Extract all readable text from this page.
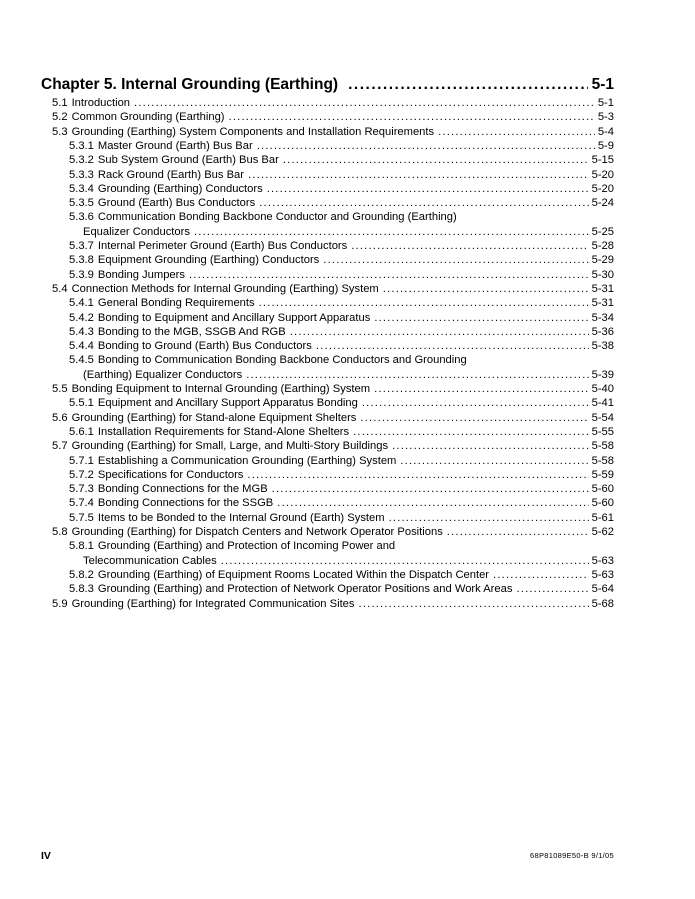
Chapter 5. Internal Grounding (Earthing) .....	5-1
5.1 Introduction .....	5-1
5.2 Common Grounding (Earthing) .....	5-3
5.3 Grounding (Earthing) System Components and Installation Requirements .....	5-4
5.3.1 Master Ground (Earth) Bus Bar .....	5-9
5.3.2 Sub System Ground (Earth) Bus Bar .....	5-15
5.3.3 Rack Ground (Earth) Bus Bar .....	5-20
5.3.4 Grounding (Earthing) Conductors .....	5-20
5.3.5 Ground (Earth) Bus Conductors .....	5-24
5.3.6 Communication Bonding Backbone Conductor and Grounding (Earthing)
Equalizer Conductors .....	5-25
5.3.7 Internal Perimeter Ground (Earth) Bus Conductors .....	5-28
5.3.8 Equipment Grounding (Earthing) Conductors .....	5-29
5.3.9 Bonding Jumpers .....	5-30
5.4 Connection Methods for Internal Grounding (Earthing) System .....	5-31
5.4.1 General Bonding Requirements .....	5-31
5.4.2 Bonding to Equipment and Ancillary Support Apparatus .....	5-34
5.4.3 Bonding to the MGB, SSGB And RGB .....	5-36
5.4.4 Bonding to Ground (Earth) Bus Conductors .....	5-38
5.4.5 Bonding to Communication Bonding Backbone Conductors and Grounding
(Earthing) Equalizer Conductors .....	5-39
5.5 Bonding Equipment to Internal Grounding (Earthing) System .....	5-40
5.5.1 Equipment and Ancillary Support Apparatus Bonding .....	5-41
5.6 Grounding (Earthing) for Stand-alone Equipment Shelters .....	5-54
5.6.1 Installation Requirements for Stand-Alone Shelters .....	5-55
5.7 Grounding (Earthing) for Small, Large, and Multi-Story Buildings .....	5-58
5.7.1 Establishing a Communication Grounding (Earthing) System .....	5-58
5.7.2 Specifications for Conductors .....	5-59
5.7.3 Bonding Connections for the MGB .....	5-60
5.7.4 Bonding Connections for the SSGB .....	5-60
5.7.5 Items to be Bonded to the Internal Ground (Earth) System .....	5-61
5.8 Grounding (Earthing) for Dispatch Centers and Network Operator Positions .....	5-62
5.8.1 Grounding (Earthing) and Protection of Incoming Power and
Telecommunication Cables .....	5-63
5.8.2 Grounding (Earthing) of Equipment Rooms Located Within the Dispatch Center .....	5-63
5.8.3 Grounding (Earthing) and Protection of Network Operator Positions and Work Areas .....	5-64
5.9 Grounding (Earthing) for Integrated Communication Sites .....	5-68
IV	68P81089E50-B 9/1/05
